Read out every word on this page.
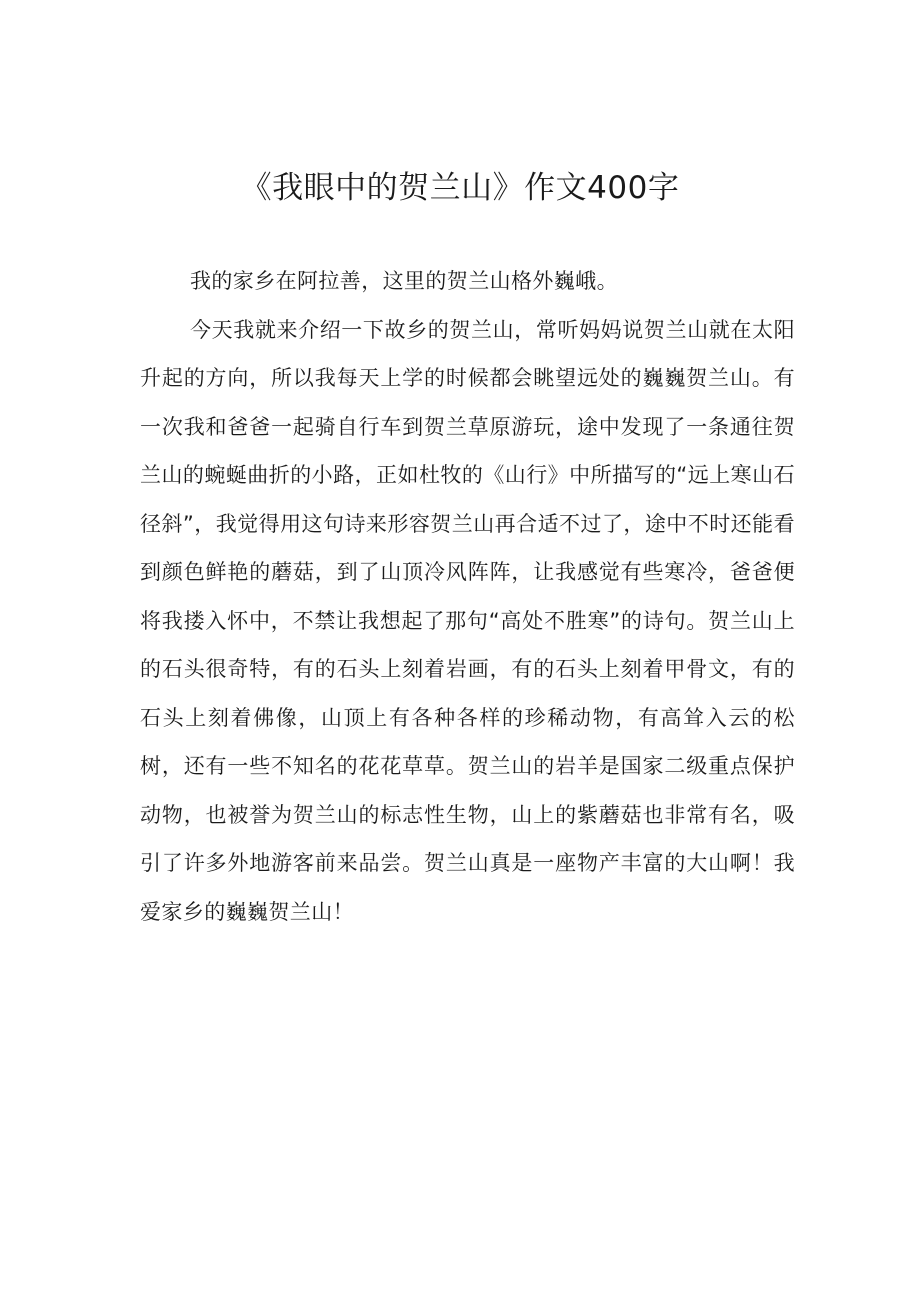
《我眼中的贺兰山》作文400字

我的家乡在阿拉善，这里的贺兰山格外巍峨。

今天我就来介绍一下故乡的贺兰山，常听妈妈说贺兰山就在太阳升起的方向，所以我每天上学的时候都会眺望远处的巍巍贺兰山。有一次我和爸爸一起骑自行车到贺兰草原游玩，途中发现了一条通往贺兰山的蜿蜒曲折的小路，正如杜牧的《山行》中所描写的“远上寒山石径斜”，我觉得用这句诗来形容贺兰山再合适不过了，途中不时还能看到颜色鲜艳的蘑菇，到了山顶冷风阵阵，让我感觉有些寒冷，爸爸便将我搂入怀中，不禁让我想起了那句“高处不胜寒”的诗句。贺兰山上的石头很奇特，有的石头上刻着岩画，有的石头上刻着甲骨文，有的石头上刻着佛像，山顶上有各种各样的珍稀动物，有高耸入云的松树，还有一些不知名的花花草草。贺兰山的岩羊是国家二级重点保护动物，也被誉为贺兰山的标志性生物，山上的紫蘑菇也非常有名，吸引了许多外地游客前来品尝。贺兰山真是一座物产丰富的大山啊！我爱家乡的巍巍贺兰山！
